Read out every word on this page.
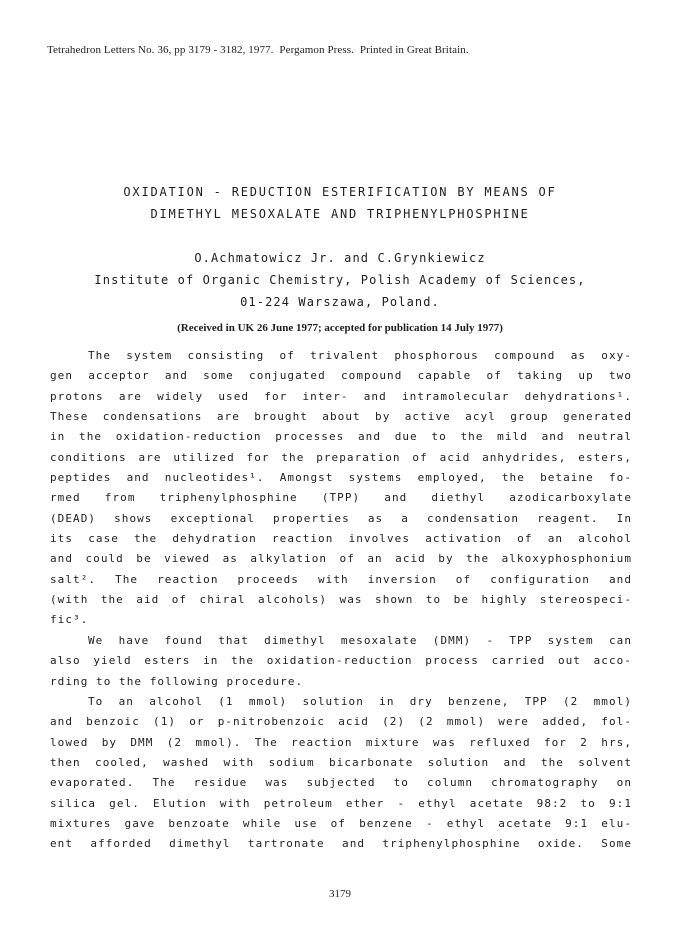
Tetrahedron Letters No. 36, pp 3179 - 3182, 1977. Pergamon Press. Printed in Great Britain.
OXIDATION - REDUCTION ESTERIFICATION BY MEANS OF
DIMETHYL MESOXALATE AND TRIPHENYLPHOSPHINE
O.Achmatowicz Jr. and C.Grynkiewicz
Institute of Organic Chemistry, Polish Academy of Sciences,
01-224 Warszawa, Poland.
(Received in UK 26 June 1977; accepted for publication 14 July 1977)
The system consisting of trivalent phosphorous compound as oxy-
gen acceptor and some conjugated compound capable of taking up two
protons are widely used for inter- and intramolecular dehydrations¹.
These condensations are brought about by active acyl group generated
in the oxidation-reduction processes and due to the mild and neutral
conditions are utilized for the preparation of acid anhydrides, esters,
peptides and nucleotides¹. Amongst systems employed, the betaine fo-
rmed from triphenylphosphine (TPP) and diethyl azodicarboxylate
(DEAD) shows exceptional properties as a condensation reagent. In
its case the dehydration reaction involves activation of an alcohol
and could be viewed as alkylation of an acid by the alkoxyphosphonium
salt². The reaction proceeds with inversion of configuration and
(with the aid of chiral alcohols) was shown to be highly stereospeci-
fic³.
We have found that dimethyl mesoxalate (DMM) - TPP system can
also yield esters in the oxidation-reduction process carried out acco-
rding to the following procedure.
To an alcohol (1 mmol) solution in dry benzene, TPP (2 mmol)
and benzoic (1) or p-nitrobenzoic acid (2) (2 mmol) were added, fol-
lowed by DMM (2 mmol). The reaction mixture was refluxed for 2 hrs,
then cooled, washed with sodium bicarbonate solution and the solvent
evaporated. The residue was subjected to column chromatography on
silica gel. Elution with petroleum ether - ethyl acetate 98:2 to 9:1
mixtures gave benzoate while use of benzene - ethyl acetate 9:1 elu-
ent afforded dimethyl tartronate and triphenylphosphine oxide. Some
3179
